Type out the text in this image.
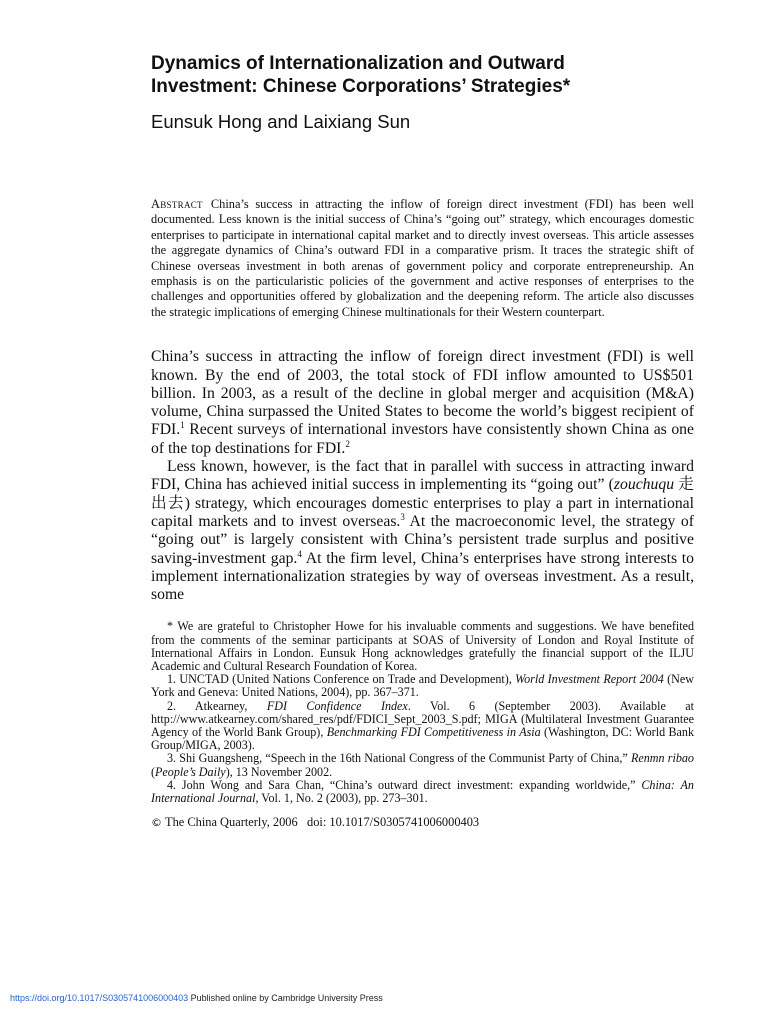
Dynamics of Internationalization and Outward
Investment: Chinese Corporations’ Strategies*
Eunsuk Hong and Laixiang Sun
Abstract China’s success in attracting the inflow of foreign direct investment (FDI) has been well documented. Less known is the initial success of China’s “going out” strategy, which encourages domestic enterprises to participate in international capital market and to directly invest overseas. This article assesses the aggregate dynamics of China’s outward FDI in a comparative prism. It traces the strategic shift of Chinese overseas investment in both arenas of government policy and corporate entrepreneurship. An emphasis is on the particularistic policies of the government and active responses of enterprises to the challenges and opportunities offered by globalization and the deepening reform. The article also discusses the strategic implications of emerging Chinese multinationals for their Western counterpart.

China’s success in attracting the inflow of foreign direct investment (FDI) is well known. By the end of 2003, the total stock of FDI inflow amounted to US$501 billion. In 2003, as a result of the decline in global merger and acquisition (M&A) volume, China surpassed the United States to become the world’s biggest recipient of FDI.$^1$ Recent surveys of international investors have consistently shown China as one of the top destinations for FDI.$^2$

Less known, however, is the fact that in parallel with success in attracting inward FDI, China has achieved initial success in implementing its “going out” (zouchuqu 走出去) strategy, which encourages domestic enterprises to play a part in international capital markets and to invest overseas.$^3$ At the macroeconomic level, the strategy of “going out” is largely consistent with China’s persistent trade surplus and positive saving-investment gap.$^4$ At the firm level, China’s enterprises have strong interests to implement internationalization strategies by way of overseas investment. As a result, some

* We are grateful to Christopher Howe for his invaluable comments and suggestions. We have benefited from the comments of the seminar participants at SOAS of University of London and Royal Institute of International Affairs in London. Eunsuk Hong acknowledges gratefully the financial support of the ILJU Academic and Cultural Research Foundation of Korea.

1. UNCTAD (United Nations Conference on Trade and Development), World Investment Report 2004 (New York and Geneva: United Nations, 2004), pp. 367–371.

2. Atkearney, FDI Confidence Index. Vol. 6 (September 2003). Available at http://www.atkearney.com/shared_res/pdf/FDICI_Sept_2003_S.pdf; MIGA (Multilateral Investment Guarantee Agency of the World Bank Group), Benchmarking FDI Competitiveness in Asia (Washington, DC: World Bank Group/MIGA, 2003).

3. Shi Guangsheng, “Speech in the 16th National Congress of the Communist Party of China,” Renmn ribao (People’s Daily), 13 November 2002.

4. John Wong and Sara Chan, “China’s outward direct investment: expanding worldwide,” China: An International Journal, Vol. 1, No. 2 (2003), pp. 273–301.

© The China Quarterly, 2006   doi: 10.1017/S0305741006000403
https://doi.org/10.1017/S0305741006000403 Published online by Cambridge University Press
